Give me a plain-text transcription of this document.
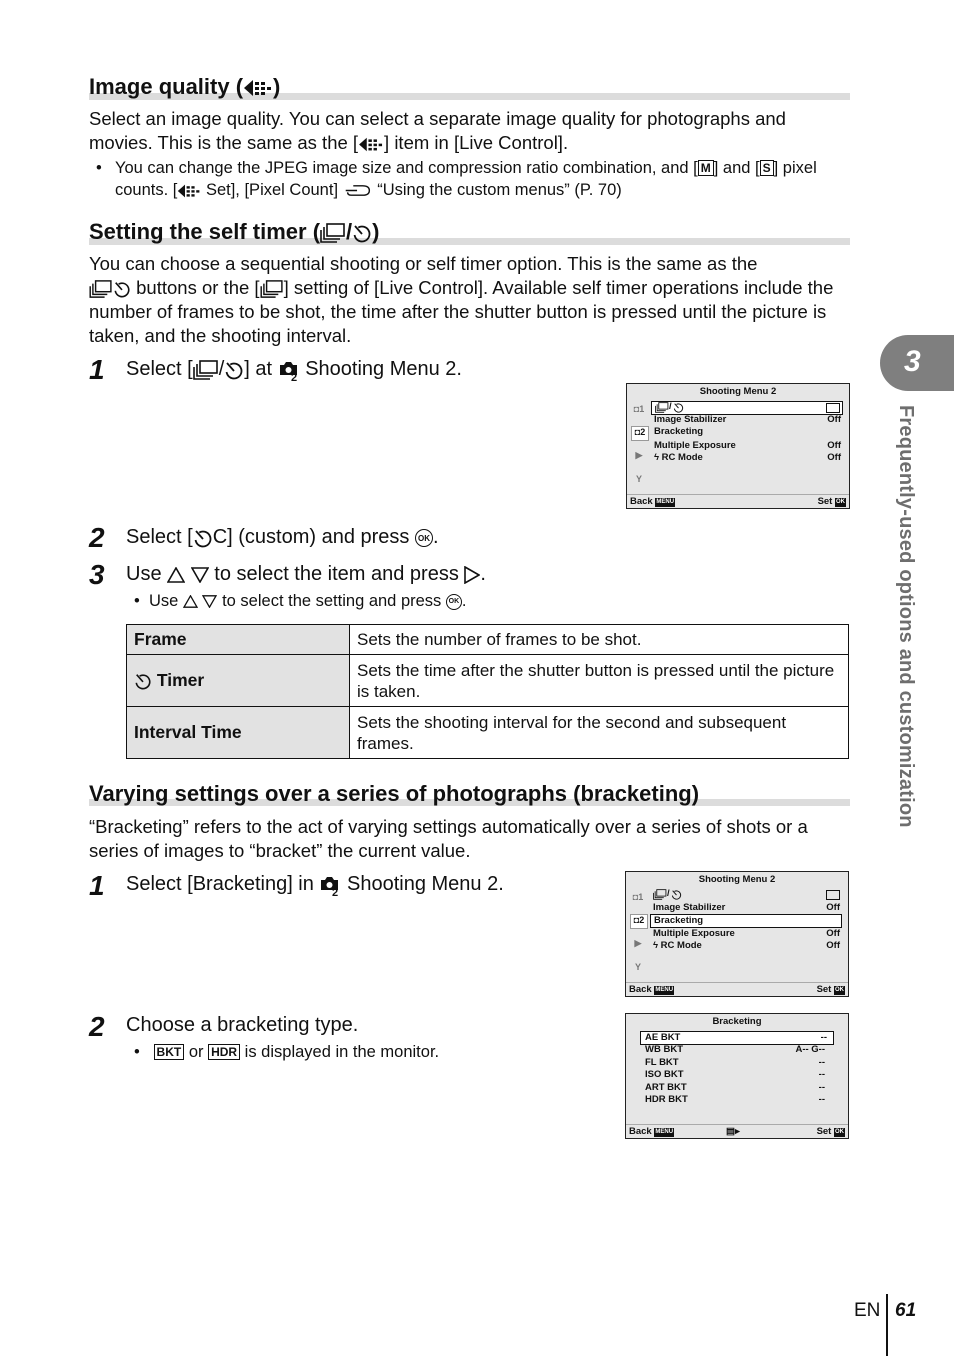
Image quality ( )
Select an image quality. You can select a separate image quality for photographs and movies. This is the same as the [ ] item in [Live Control].
• You can change the JPEG image size and compression ratio combination, and [ M ] and [ S ] pixel counts. [ Set], [Pixel Count] “Using the custom menus” (P. 70)
Setting the self timer ( / )
You can choose a sequential shooting or self timer option. This is the same as the
buttons or the [ ] setting of [Live Control]. Available self timer operations include the number of frames to be shot, the time after the shutter button is pressed until the picture is taken, and the shooting interval.
1 Select [ / ] at Shooting Menu 2.
Shooting Menu 2
◘1
◘2
▶
Y
/
Image Stabilizer	Off
Bracketing
Multiple Exposure	Off
ϟ RC Mode	Off
Back MENU	Set OK
2 Select [ C] (custom) and press OK .
3 Use	to select the item and press .
• Use	to select the setting and press OK .
Frame	Sets the number of frames to be shot.
Timer	Sets the time after the shutter button is pressed until the picture is taken.
Interval Time	Sets the shooting interval for the second and subsequent frames.
Varying settings over a series of photographs (bracketing)
“Bracketing” refers to the act of varying settings automatically over a series of shots or a series of images to “bracket” the current value.
1 Select [Bracketing] in Shooting Menu 2.	Shooting Menu 2
◘1
◘2
▶
Y
/
Image Stabilizer	Off
Bracketing
Multiple Exposure	Off
ϟ RC Mode	Off
Back MENU	Set OK
2 Choose a bracketing type.
• BKT or HDR is displayed in the monitor.
Bracketing
AE BKT	--
WB BKT	A-- G--
FL BKT	--
ISO BKT	--
ART BKT	--
HDR BKT	--
Back MENU	▤▸	Set OK
3
Frequently-used options and customization
EN 61
